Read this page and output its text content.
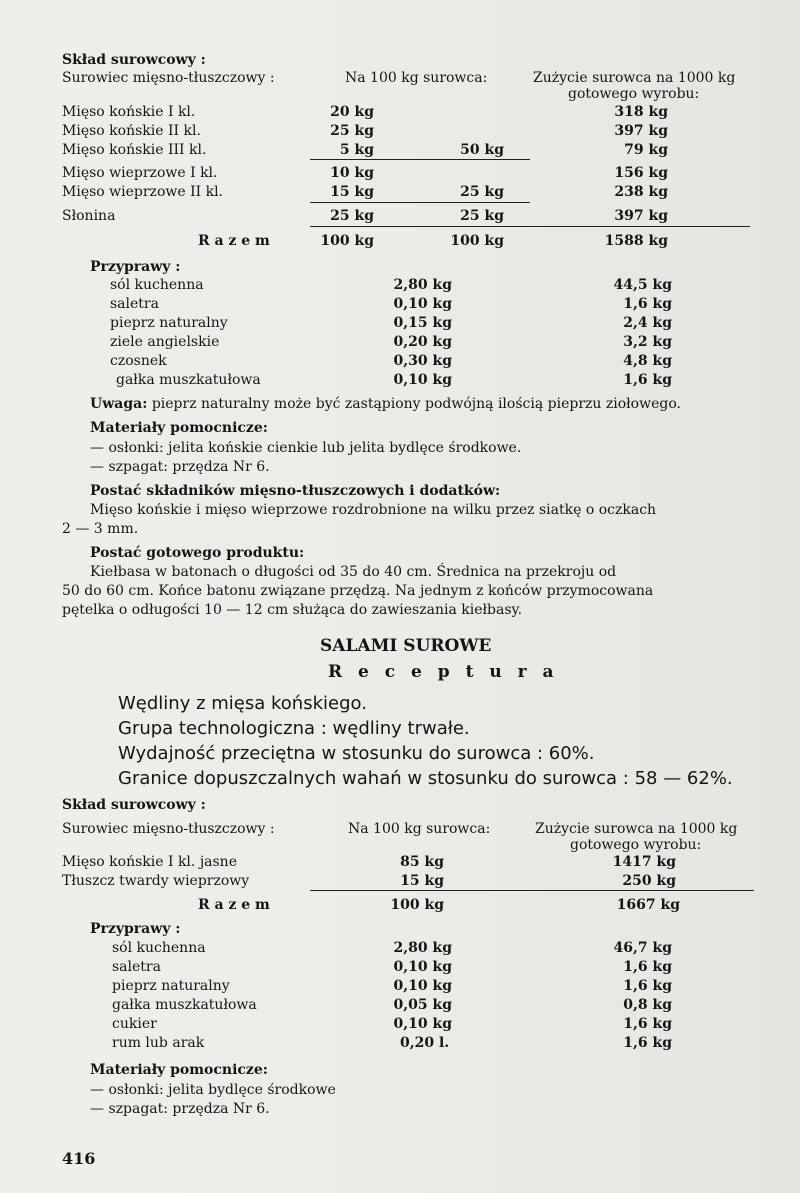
Skład surowcowy :
Surowiec mięsno-tłuszczowy :	Na 100 kg surowca:	Zużycie surowca na 1000 kg
gotowego wyrobu:
Mięso końskie I kl.	20 kg	318 kg
Mięso końskie II kl.	25 kg	397 kg
Mięso końskie III kl.	5 kg	50 kg	79 kg
Mięso wieprzowe I kl.	10 kg	156 kg
Mięso wieprzowe II kl.	15 kg	25 kg	238 kg
Słonina	25 kg	25 kg	397 kg
R a z e m	100 kg	100 kg	1588 kg
Przyprawy :
sól kuchenna	2,80 kg	44,5 kg
saletra	0,10 kg	1,6 kg
pieprz naturalny	0,15 kg	2,4 kg
ziele angielskie	0,20 kg	3,2 kg
czosnek	0,30 kg	4,8 kg
gałka muszkatułowa	0,10 kg	1,6 kg
Uwaga: pieprz naturalny może być zastąpiony podwójną ilością pieprzu ziołowego.
Materiały pomocnicze:
— osłonki: jelita końskie cienkie lub jelita bydlęce środkowe.
— szpagat: przędza Nr 6.
Postać składników mięsno-tłuszczowych i dodatków:
Mięso końskie i mięso wieprzowe rozdrobnione na wilku przez siatkę o oczkach
2 — 3 mm.
Postać gotowego produktu:
Kiełbasa w batonach o długości od 35 do 40 cm. Średnica na przekroju od
50 do 60 cm. Końce batonu związane przędzą. Na jednym z końców przymocowana
pętelka o odługości 10 — 12 cm służąca do zawieszania kiełbasy.
SALAMI SUROWE
R e c e p t u r a
Wędliny z mięsa końskiego.
Grupa technologiczna : wędliny trwałe.
Wydajność przeciętna w stosunku do surowca : 60%.
Granice dopuszczalnych wahań w stosunku do surowca : 58 — 62%.
Skład surowcowy :
Surowiec mięsno-tłuszczowy :	Na 100 kg surowca:	Zużycie surowca na 1000 kg
gotowego wyrobu:
Mięso końskie I kl. jasne	85 kg	1417 kg
Tłuszcz twardy wieprzowy	15 kg	250 kg
R a z e m	100 kg	1667 kg
Przyprawy :
sól kuchenna	2,80 kg	46,7 kg
saletra	0,10 kg	1,6 kg
pieprz naturalny	0,10 kg	1,6 kg
gałka muszkatułowa	0,05 kg	0,8 kg
cukier	0,10 kg	1,6 kg
rum lub arak	0,20 l.	1,6 kg
Materiały pomocnicze:
— osłonki: jelita bydlęce środkowe
— szpagat: przędza Nr 6.
416
